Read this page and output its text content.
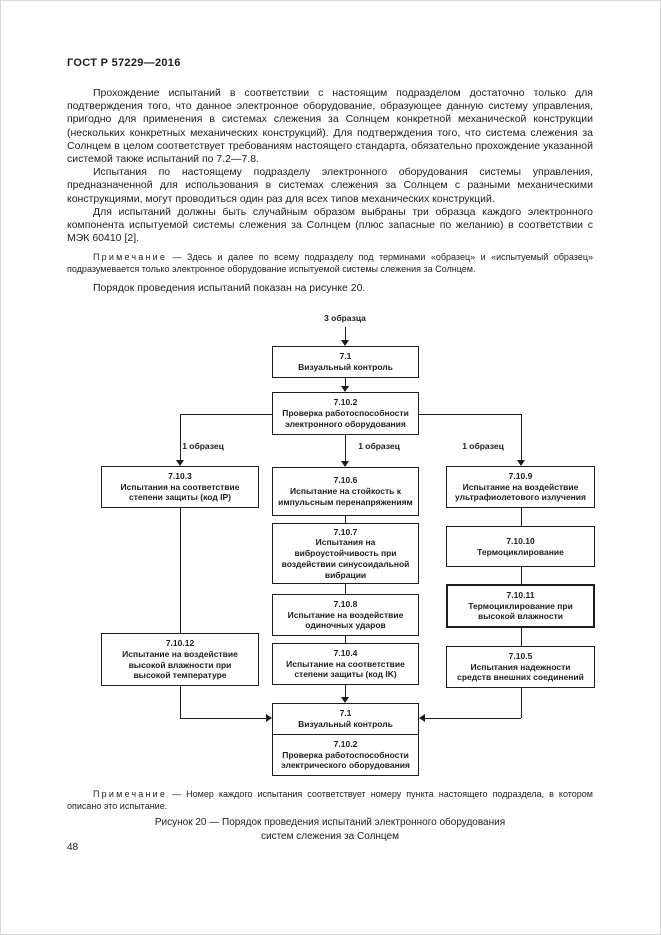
ГОСТ Р 57229—2016

Прохождение испытаний в соответствии с настоящим подразделом достаточно только для подтверждения того, что данное электронное оборудование, образующее данную систему управления, пригодно для применения в системах слежения за Солнцем конкретной механической конструкции (нескольких конкретных механических конструкций). Для подтверждения того, что система слежения за Солнцем в целом соответствует требованиям настоящего стандарта, обязательно прохождение указанной системой также испытаний по 7.2—7.8.

Испытания по настоящему подразделу электронного оборудования системы управления, предназначенной для использования в системах слежения за Солнцем с разными механическими конструкциями, могут проводиться один раз для всех типов механических конструкций.

Для испытаний должны быть случайным образом выбраны три образца каждого электронного компонента испытуемой системы слежения за Солнцем (плюс запасные по желанию) в соответствии с МЭК 60410 [2].

Примечание — Здесь и далее по всему подразделу под терминами «образец» и «испытуемый образец» подразумевается только электронное оборудование испытуемой системы слежения за Солнцем.

Порядок проведения испытаний показан на рисунке 20.

3 образца
7.1
Визуальный контроль
7.10.2
Проверка работоспособности
электронного оборудования
1 образец	1 образец	1 образец
7.10.3
Испытания на соответствие
степени защиты (код IP)
7.10.6
Испытание на стойкость к
импульсным перенапряжениям
7.10.9
Испытание на воздействие
ультрафиолетового излучения
7.10.7
Испытания на
виброустойчивость при
воздействии синусоидальной
вибрации
7.10.8
Испытание на воздействие
одиночных ударов
7.10.4
Испытание на соответствие
степени защиты (код IK)
7.10.12
Испытание на воздействие
высокой влажности при
высокой температуре
7.10.10
Термоциклирование
7.10.11
Термоциклирование при
высокой влажности
7.10.5
Испытания надежности
средств внешних соединений
7.1
Визуальный контроль
7.10.2
Проверка работоспособности
электрического оборудования

Примечание — Номер каждого испытания соответствует номеру пункта настоящего подраздела, в котором описано это испытание.

Рисунок 20 — Порядок проведения испытаний электронного оборудования
систем слежения за Солнцем
48
